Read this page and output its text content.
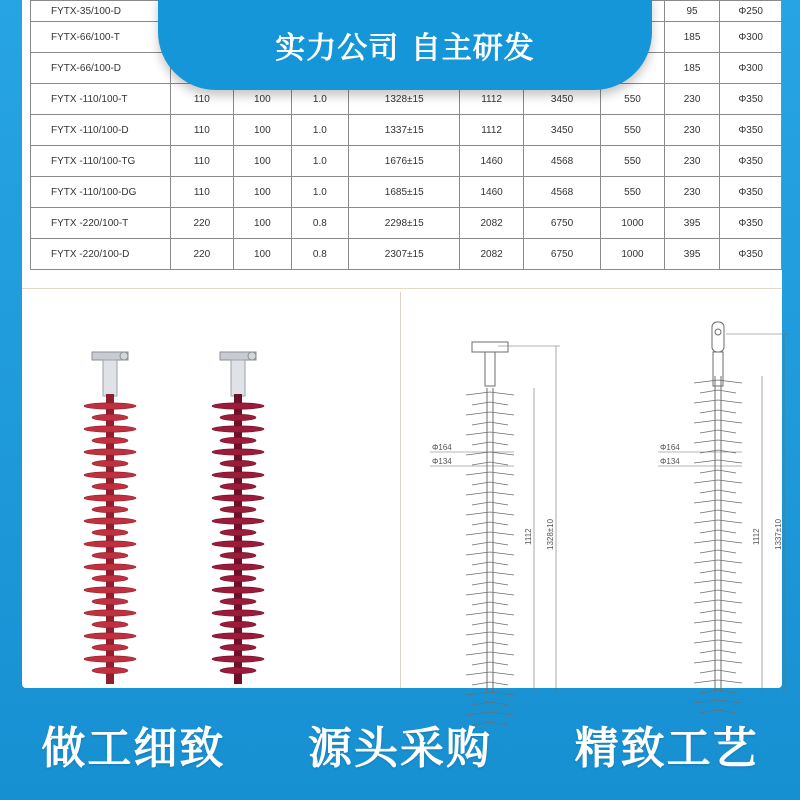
FYTX-35/100-D								95	Φ250
FYTX-66/100-T								185	Φ300
FYTX-66/100-D								185	Φ300
FYTX -110/100-T	110	100	1.0	1328±15	1112	3450	550	230	Φ350
FYTX -110/100-D	110	100	1.0	1337±15	1112	3450	550	230	Φ350
FYTX -110/100-TG	110	100	1.0	1676±15	1460	4568	550	230	Φ350
FYTX -110/100-DG	110	100	1.0	1685±15	1460	4568	550	230	Φ350
FYTX -220/100-T	220	100	0.8	2298±15	2082	6750	1000	395	Φ350
FYTX -220/100-D	220	100	0.8	2307±15	2082	6750	1000	395	Φ350
Φ164
Φ134
1112 1328±10
Φ164
Φ134
1112 1337±10
实力公司 自主研发
做工细致 源头采购 精致工艺
